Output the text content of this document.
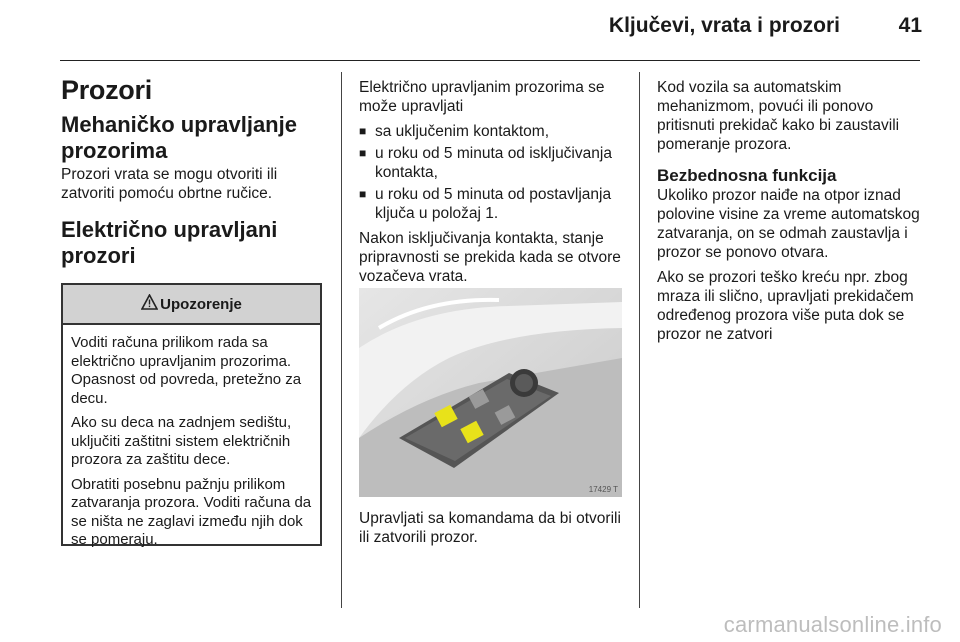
Ključevi, vrata i prozori	41
Prozori
Mehaničko upravljanje prozorima

Prozori vrata se mogu otvoriti ili zatvoriti pomoću obrtne ručice.

Električno upravljani prozori
Upozorenje

Voditi računa prilikom rada sa električno upravljanim prozorima. Opasnost od povreda, pretežno za decu.

Ako su deca na zadnjem sedištu, uključiti zaštitni sistem električnih prozora za zaštitu dece.

Obratiti posebnu pažnju prilikom zatvaranja prozora. Voditi računa da se ništa ne zaglavi između njih dok se pomeraju.

Električno upravljanim prozorima se može upravljati

■ sa uključenim kontaktom,
■ u roku od 5 minuta od isključivanja kontakta,
■ u roku od 5 minuta od postavljanja ključa u položaj 1.

Nakon isključivanja kontakta, stanje pripravnosti se prekida kada se otvore vozačeva vrata.

17429 T

Upravljati sa komandama da bi otvorili ili zatvorili prozor.

Kod vozila sa automatskim mehanizmom, povući ili ponovo pritisnuti prekidač kako bi zaustavili pomeranje prozora.

Bezbednosna funkcija

Ukoliko prozor naiđe na otpor iznad polovine visine za vreme automatskog zatvaranja, on se odmah zaustavlja i prozor se ponovo otvara.

Ako se prozori teško kreću npr. zbog mraza ili slično, upravljati prekidačem određenog prozora više puta dok se prozor ne zatvori

carmanualsonline.info
